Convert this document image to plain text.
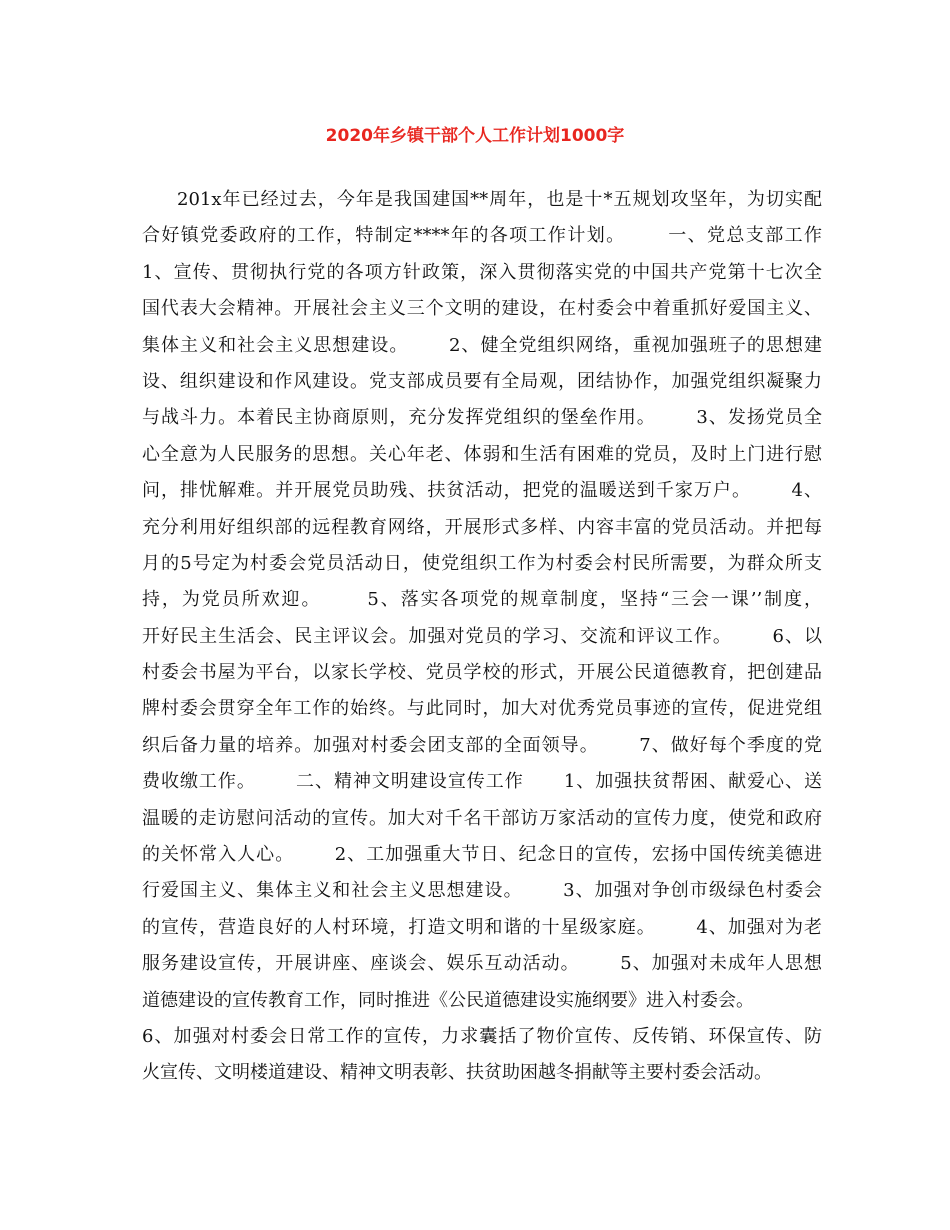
2020年乡镇干部个人工作计划1000字
201x年已经过去，今年是我国建国**周年，也是十*五规划攻坚年，为切实配
合好镇党委政府的工作，特制定****年的各项工作计划。      一、党总支部工作
1、宣传、贯彻执行党的各项方针政策，深入贯彻落实党的中国共产党第十七次全
国代表大会精神。开展社会主义三个文明的建设，在村委会中着重抓好爱国主义、
集体主义和社会主义思想建设。      2、健全党组织网络，重视加强班子的思想建
设、组织建设和作风建设。党支部成员要有全局观，团结协作，加强党组织凝聚力
与战斗力。本着民主协商原则，充分发挥党组织的堡垒作用。      3、发扬党员全
心全意为人民服务的思想。关心年老、体弱和生活有困难的党员，及时上门进行慰
问，排忧解难。并开展党员助残、扶贫活动，把党的温暖送到千家万户。      4、
充分利用好组织部的远程教育网络，开展形式多样、内容丰富的党员活动。并把每
月的5号定为村委会党员活动日，使党组织工作为村委会村民所需要，为群众所支
持，为党员所欢迎。      5、落实各项党的规章制度，坚持“三会一课’’制度，
开好民主生活会、民主评议会。加强对党员的学习、交流和评议工作。      6、以
村委会书屋为平台，以家长学校、党员学校的形式，开展公民道德教育，把创建品
牌村委会贯穿全年工作的始终。与此同时，加大对优秀党员事迹的宣传，促进党组
织后备力量的培养。加强对村委会团支部的全面领导。      7、做好每个季度的党
费收缴工作。      二、精神文明建设宣传工作      1、加强扶贫帮困、献爱心、送
温暖的走访慰问活动的宣传。加大对千名干部访万家活动的宣传力度，使党和政府
的关怀常入人心。      2、工加强重大节日、纪念日的宣传，宏扬中国传统美德进
行爱国主义、集体主义和社会主义思想建设。      3、加强对争创市级绿色村委会
的宣传，营造良好的人村环境，打造文明和谐的十星级家庭。      4、加强对为老
服务建设宣传，开展讲座、座谈会、娱乐互动活动。      5、加强对未成年人思想
道德建设的宣传教育工作，同时推进《公民道德建设实施纲要》进入村委会。
6、加强对村委会日常工作的宣传，力求囊括了物价宣传、反传销、环保宣传、防
火宣传、文明楼道建设、精神文明表彰、扶贫助困越冬捐献等主要村委会活动。
